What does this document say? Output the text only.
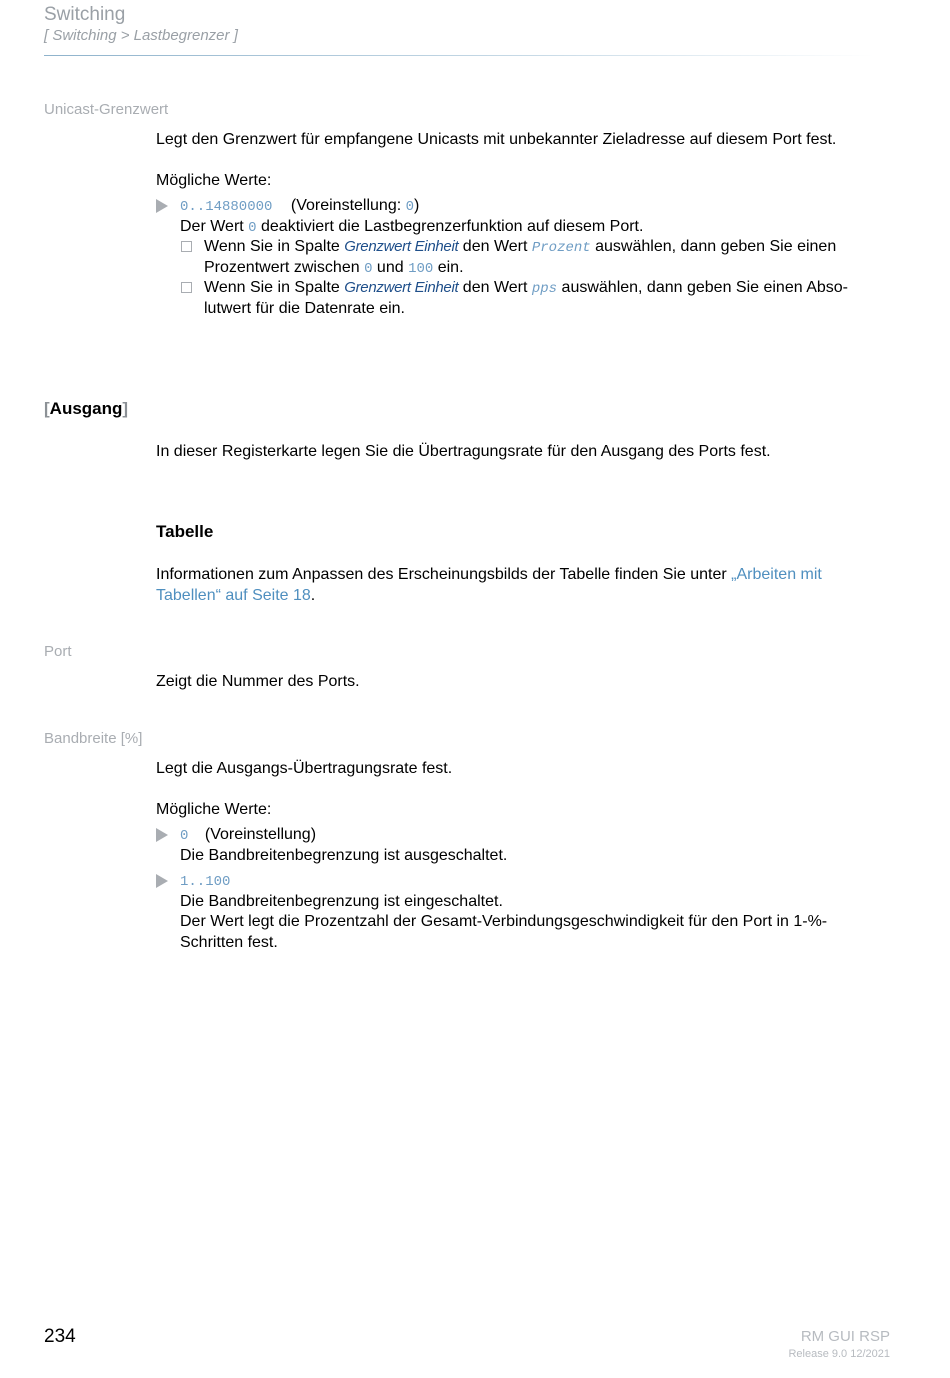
Switching
[ Switching > Lastbegrenzer ]
Unicast-Grenzwert
Legt den Grenzwert für empfangene Unicasts mit unbekannter Zieladresse auf diesem Port fest.
Mögliche Werte:
0..14880000 (Voreinstellung: 0)
Der Wert 0 deaktiviert die Lastbegrenzerfunktion auf diesem Port.
Wenn Sie in Spalte Grenzwert Einheit den Wert Prozent auswählen, dann geben Sie einen
Prozentwert zwischen 0 und 100 ein.
Wenn Sie in Spalte Grenzwert Einheit den Wert pps auswählen, dann geben Sie einen Abso-
lutwert für die Datenrate ein.
[Ausgang]
In dieser Registerkarte legen Sie die Übertragungsrate für den Ausgang des Ports fest.
Tabelle
Informationen zum Anpassen des Erscheinungsbilds der Tabelle finden Sie unter „Arbeiten mit
Tabellen“ auf Seite 18.
Port
Zeigt die Nummer des Ports.
Bandbreite [%]
Legt die Ausgangs-Übertragungsrate fest.
Mögliche Werte:
0 (Voreinstellung)
Die Bandbreitenbegrenzung ist ausgeschaltet.
1..100
Die Bandbreitenbegrenzung ist eingeschaltet.
Der Wert legt die Prozentzahl der Gesamt-Verbindungsgeschwindigkeit für den Port in 1-%-
Schritten fest.
234	RM GUI RSP
Release 9.0 12/2021
